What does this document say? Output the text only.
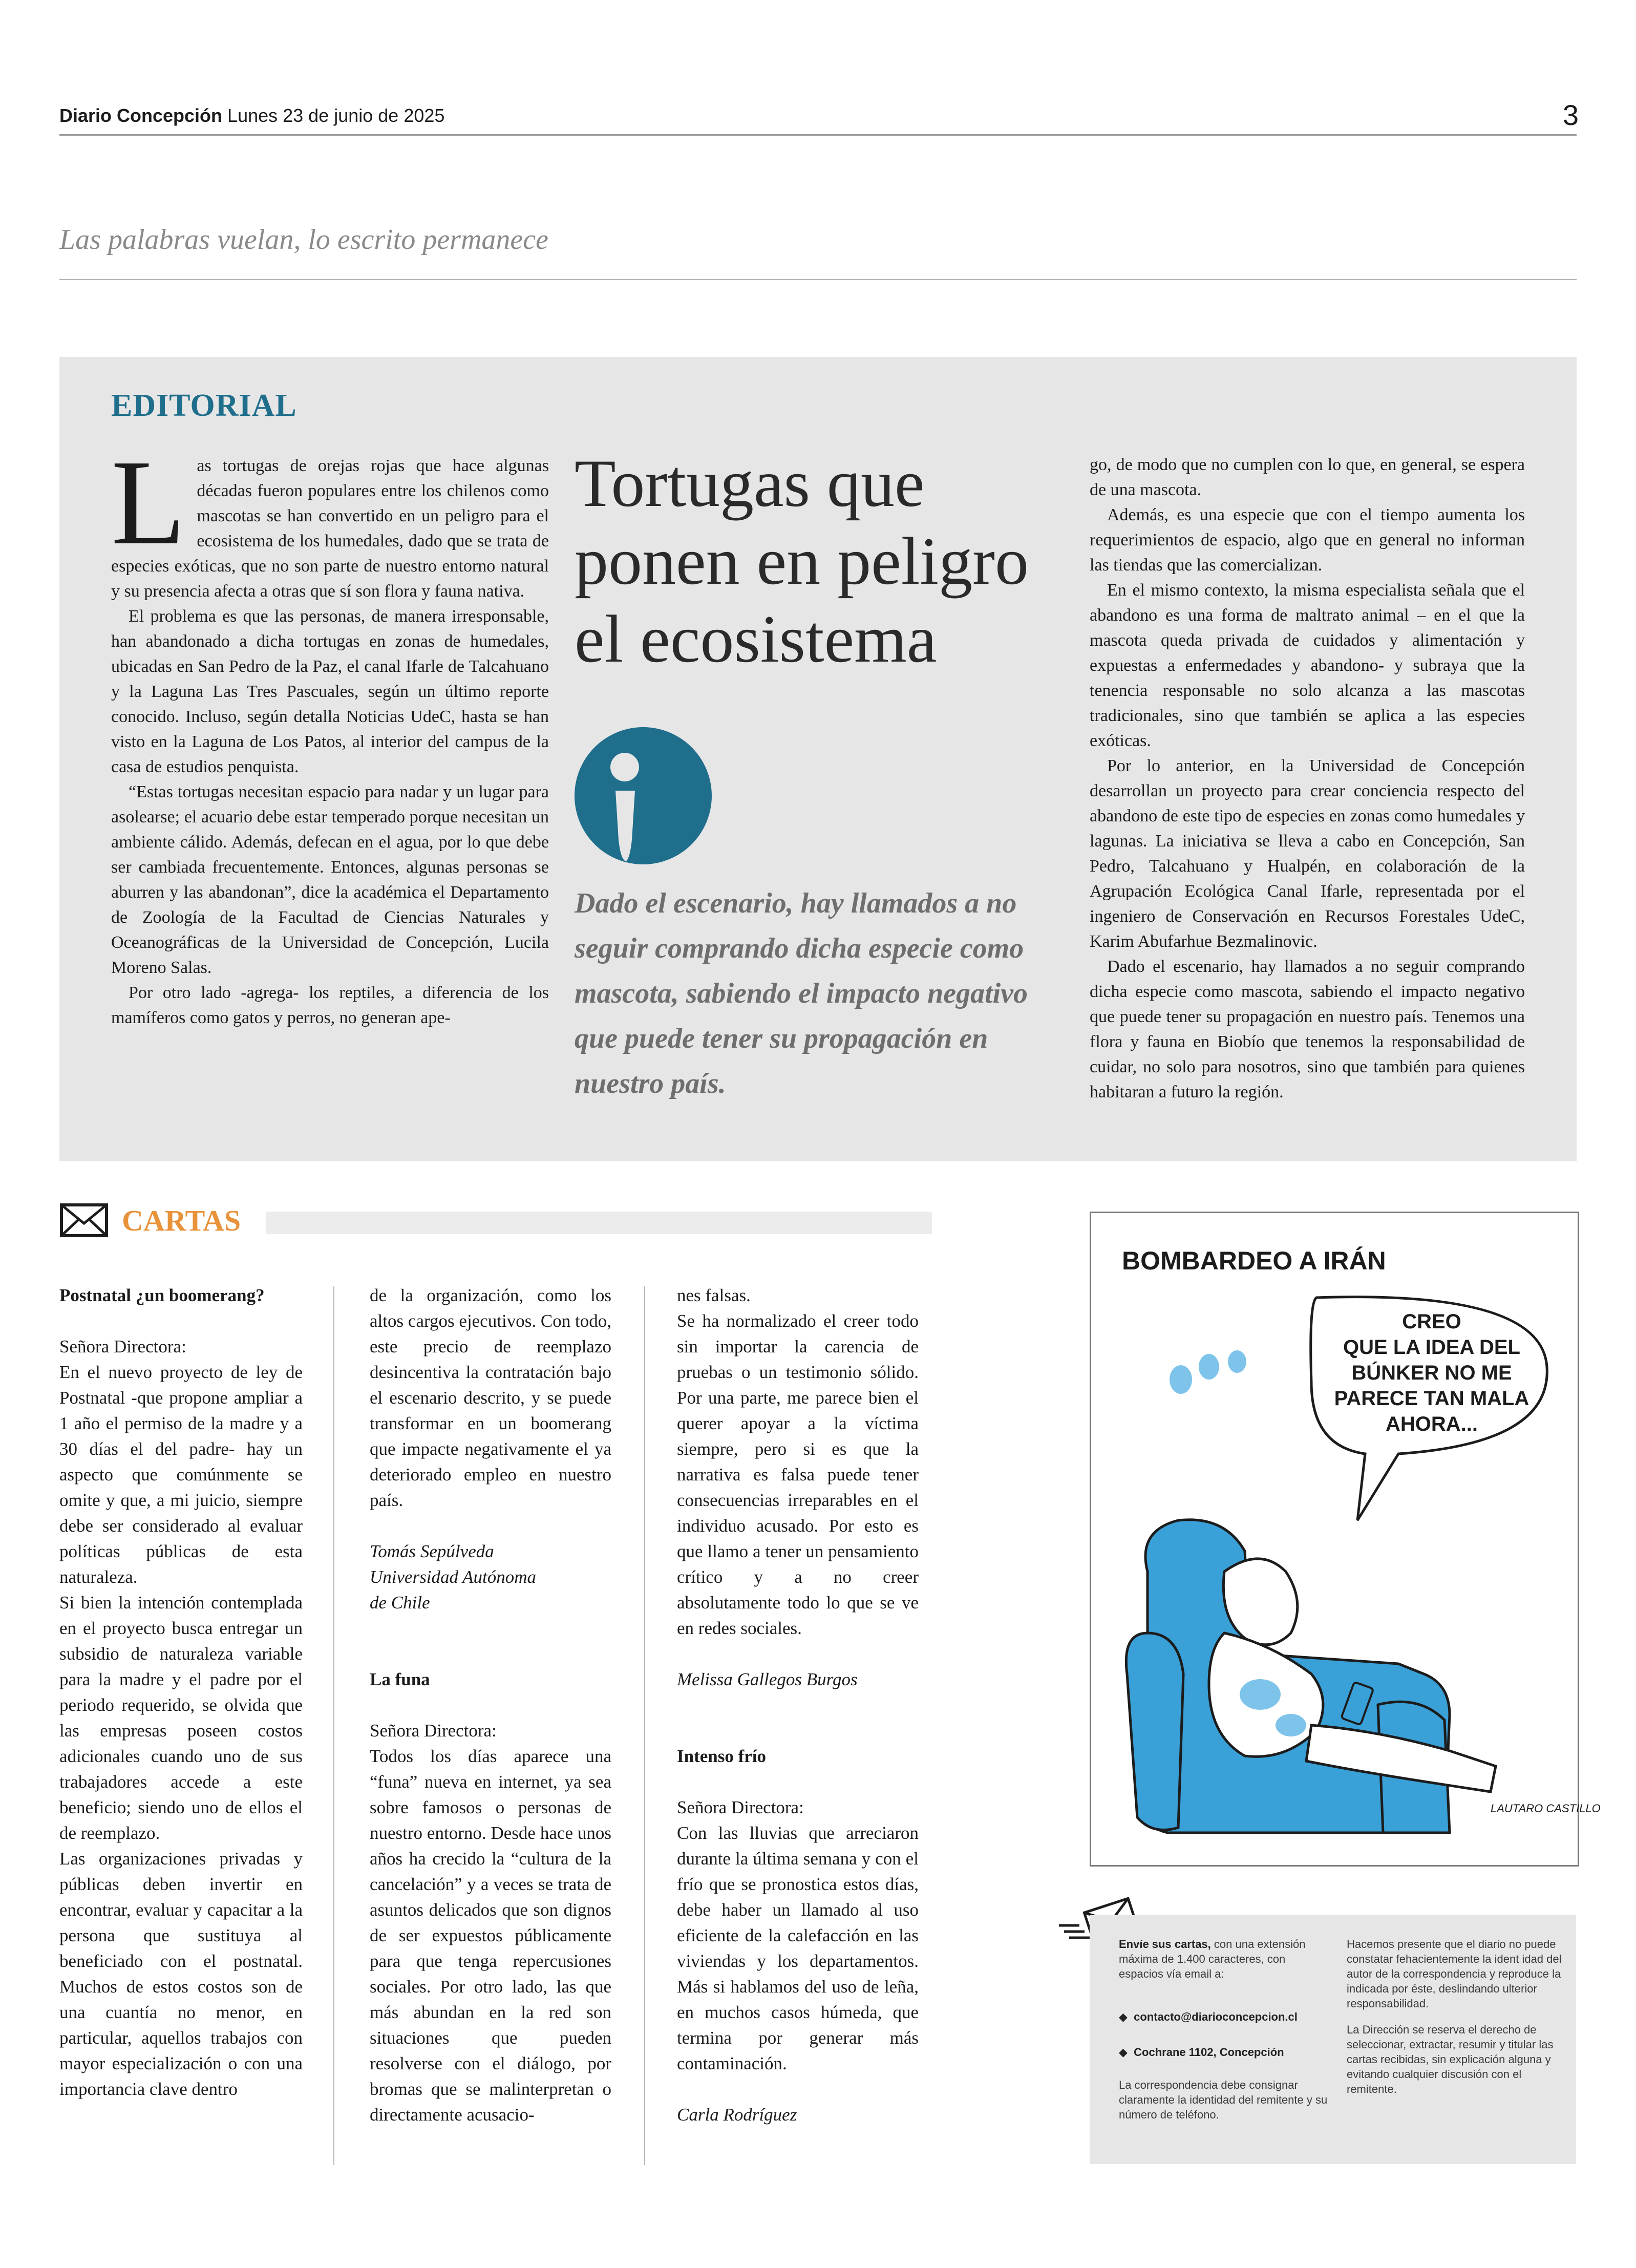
Diario Concepción Lunes 23 de junio de 2025	3
Las palabras vuelan, lo escrito permanece
EDITORIAL

Las tortugas de orejas rojas que hace algunas décadas fueron populares entre los chilenos como mascotas se han convertido en un peligro para el ecosistema de los humedales, dado que se trata de especies exóticas, que no son parte de nuestro entorno natural y su presencia afecta a otras que sí son flora y fauna nativa.

El problema es que las personas, de manera irresponsable, han abandonado a dicha tortugas en zonas de humedales, ubicadas en San Pedro de la Paz, el canal Ifarle de Talcahuano y la Laguna Las Tres Pascuales, según un último reporte conocido. Incluso, según detalla Noticias UdeC, hasta se han visto en la Laguna de Los Patos, al interior del campus de la casa de estudios penquista.

“Estas tortugas necesitan espacio para nadar y un lugar para asolearse; el acuario debe estar temperado porque necesitan un ambiente cálido. Además, defecan en el agua, por lo que debe ser cambiada frecuentemente. Entonces, algunas personas se aburren y las abandonan”, dice la académica el Departamento de Zoología de la Facultad de Ciencias Naturales y Oceanográficas de la Universidad de Concepción, Lucila Moreno Salas.

Por otro lado -agrega- los reptiles, a diferencia de los mamíferos como gatos y perros, no generan ape-

Tortugas que ponen en peligro el ecosistema
Dado el escenario, hay llamados a no seguir comprando dicha especie como mascota, sabiendo el impacto negativo que puede tener su propagación en nuestro país.

go, de modo que no cumplen con lo que, en general, se espera de una mascota.

Además, es una especie que con el tiempo aumenta los requerimientos de espacio, algo que en general no informan las tiendas que las comercializan.

En el mismo contexto, la misma especialista señala que el abandono es una forma de maltrato animal – en el que la mascota queda privada de cuidados y alimentación y expuestas a enfermedades y abandono- y subraya que la tenencia responsable no solo alcanza a las mascotas tradicionales, sino que también se aplica a las especies exóticas.

Por lo anterior, en la Universidad de Concepción desarrollan un proyecto para crear conciencia respecto del abandono de este tipo de especies en zonas como humedales y lagunas. La iniciativa se lleva a cabo en Concepción, San Pedro, Talcahuano y Hualpén, en colaboración de la Agrupación Ecológica Canal Ifarle, representada por el ingeniero de Conservación en Recursos Forestales UdeC, Karim Abufarhue Bezmalinovic.

Dado el escenario, hay llamados a no seguir comprando dicha especie como mascota, sabiendo el impacto negativo que puede tener su propagación en nuestro país. Tenemos una flora y fauna en Biobío que tenemos la responsabilidad de cuidar, no solo para nosotros, sino que también para quienes habitaran a futuro la región.

CARTAS

Postnatal ¿un boomerang?

Señora Directora:

En el nuevo proyecto de ley de Postnatal -que propone ampliar a 1 año el permiso de la madre y a 30 días el del padre- hay un aspecto que comúnmente se omite y que, a mi juicio, siempre debe ser considerado al evaluar políticas públicas de esta naturaleza.

Si bien la intención contemplada en el proyecto busca entregar un subsidio de naturaleza variable para la madre y el padre por el periodo requerido, se olvida que las empresas poseen costos adicionales cuando uno de sus trabajadores accede a este beneficio; siendo uno de ellos el de reemplazo.

Las organizaciones privadas y públicas deben invertir en encontrar, evaluar y capacitar a la persona que sustituya al beneficiado con el postnatal. Muchos de estos costos son de una cuantía no menor, en particular, aquellos trabajos con mayor especialización o con una importancia clave dentro

de la organización, como los altos cargos ejecutivos. Con todo, este precio de reemplazo desincentiva la contratación bajo el escenario descrito, y se puede transformar en un boomerang que impacte negativamente el ya deteriorado empleo en nuestro país.

Tomás Sepúlveda

Universidad Autónoma

de Chile

La funa

Señora Directora:

Todos los días aparece una “funa” nueva en internet, ya sea sobre famosos o personas de nuestro entorno. Desde hace unos años ha crecido la “cultura de la cancelación” y a veces se trata de asuntos delicados que son dignos de ser expuestos públicamente para que tenga repercusiones sociales. Por otro lado, las que más abundan en la red son situaciones que pueden resolverse con el diálogo, por bromas que se malinterpretan o directamente acusacio-

nes falsas.

Se ha normalizado el creer todo sin importar la carencia de pruebas o un testimonio sólido. Por una parte, me parece bien el querer apoyar a la víctima siempre, pero si es que la narrativa es falsa puede tener consecuencias irreparables en el individuo acusado. Por esto es que llamo a tener un pensamiento crítico y a no creer absolutamente todo lo que se ve en redes sociales.

Melissa Gallegos Burgos

Intenso frío

Señora Directora:

Con las lluvias que arreciaron durante la última semana y con el frío que se pronostica estos días, debe haber un llamado al uso eficiente de la calefacción en las viviendas y los departamentos. Más si hablamos del uso de leña, en muchos casos húmeda, que termina por generar más contaminación.

Carla Rodríguez

BOMBARDEO A IRÁN
CREO
QUE LA IDEA DEL
BÚNKER NO ME
PARECE TAN MALA
AHORA...
LAUTARO CASTILLO
Envíe sus cartas, con una extensión máxima de 1.400 caracteres, con espacios vía email a:
◆ contacto@diarioconcepcion.cl
◆ Cochrane 1102, Concepción
La correspondencia debe consignar claramente la identidad del remitente y su número de teléfono.
Hacemos presente que el diario no puede constatar fehacientemente la ident idad del autor de la correspondencia y reproduce la indicada por éste, deslindando ulterior responsabilidad.
La Dirección se reserva el derecho de seleccionar, extractar, resumir y titular las cartas recibidas, sin explicación alguna y evitando cualquier discusión con el remitente.
